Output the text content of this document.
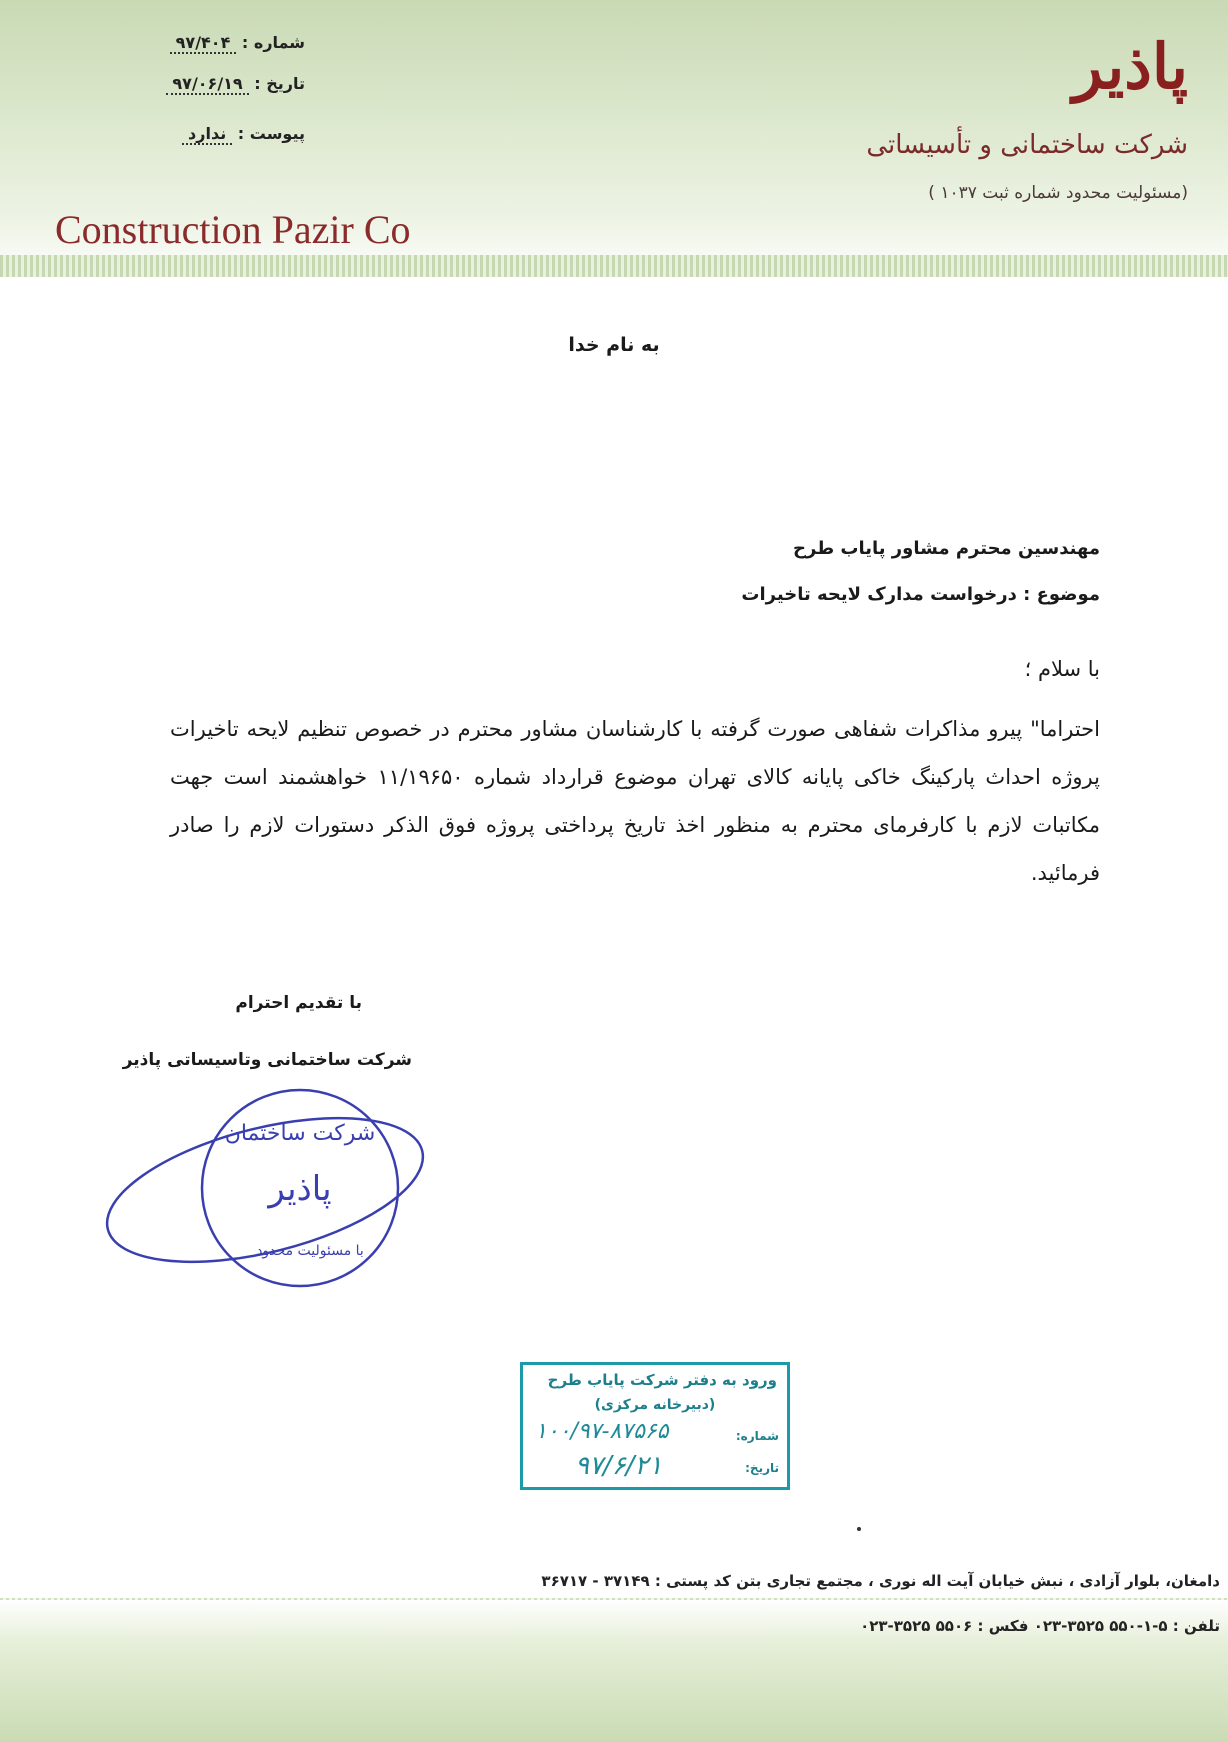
پاذیر
شرکت ساختمانی و تأسیساتی
(مسئولیت محدود شماره ثبت ۱۰۳۷ )
Construction Pazir Co
شماره : ۹۷/۴۰۴
تاریخ : ۹۷/۰۶/۱۹
پیوست : ندارد
به نام خدا
مهندسین محترم مشاور پایاب طرح
موضوع : درخواست مدارک لایحه تاخیرات
با سلام ؛
احتراما" پیرو مذاکرات شفاهی صورت گرفته با کارشناسان مشاور محترم در خصوص تنظیم لایحه تاخیرات پروژه احداث پارکینگ خاکی پایانه کالای تهران موضوع قرارداد شماره ۱۱/۱۹۶۵۰ خواهشمند است جهت مکاتبات لازم با کارفرمای محترم به منظور اخذ تاریخ پرداختی پروژه فوق الذکر دستورات لازم را صادر فرمائید.
با تقدیم احترام
شرکت ساختمانی وتاسیساتی پاذیر
شرکت ساختمان
پاذیر
با مسئولیت محدود
ورود به دفتر شرکت پایاب طرح
(دبیرخانه مرکزی)
شماره:
۱۰۰/۹۷-۸۷۵۶۵
تاریخ:
۹۷/۶/۲۱
دامغان، بلوار آزادی ، نبش خیابان آیت اله نوری ، مجتمع تجاری بتن کد پستی : ۳۷۱۴۹ - ۳۶۷۱۷
تلفن : ۵-۱-۵۵۰ ۳۵۲۵-۰۲۳ فکس : ۵۵۰۶ ۳۵۲۵-۰۲۳
